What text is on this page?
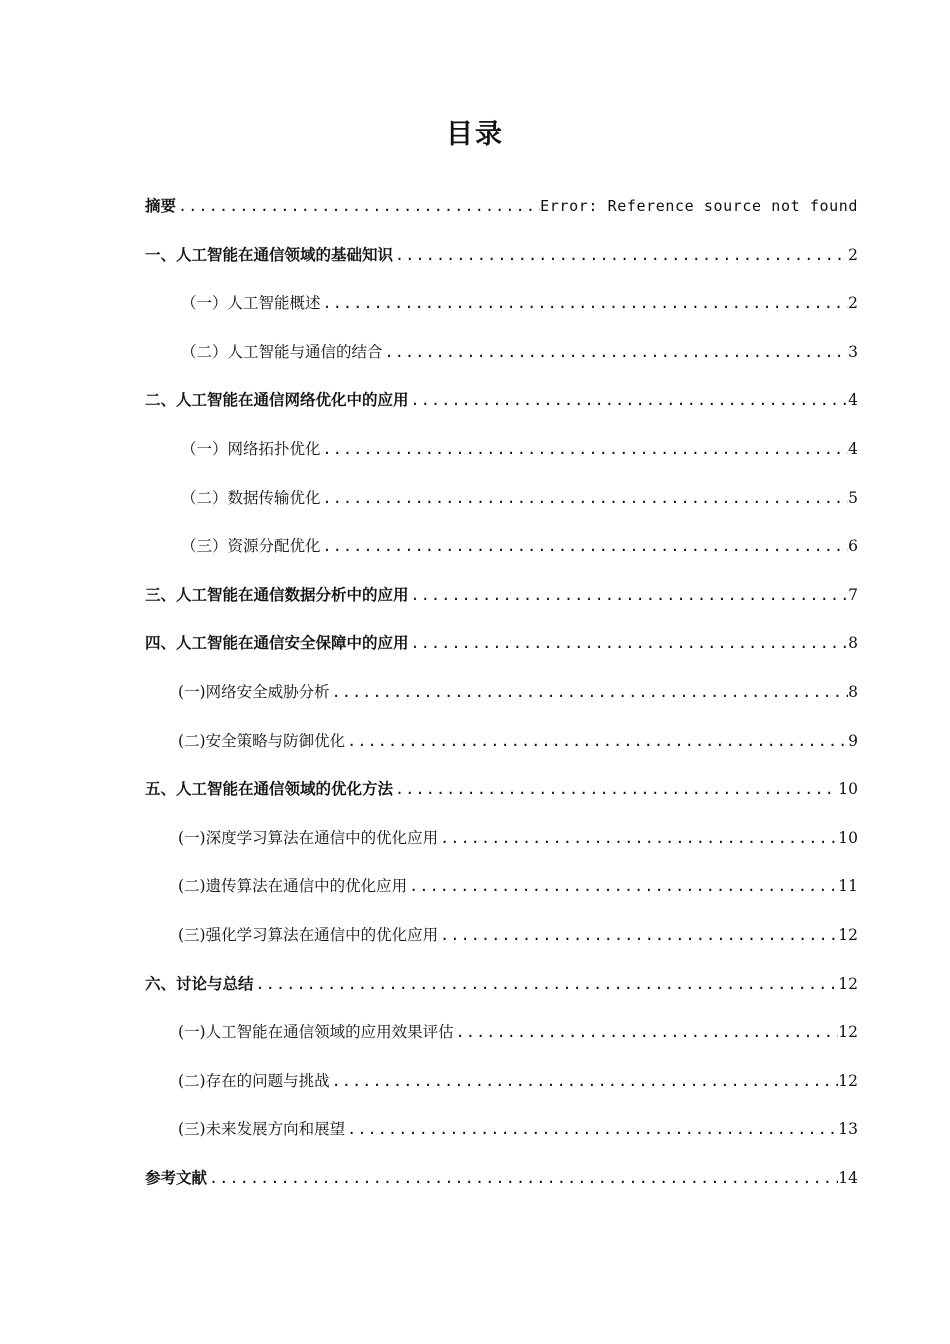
目录
摘要 .....	Error: Reference source not found
一、人工智能在通信领域的基础知识 .....	2
（一）人工智能概述 .....	2
（二）人工智能与通信的结合 .....	3
二、人工智能在通信网络优化中的应用 .....	4
（一）网络拓扑优化 .....	4
（二）数据传输优化 .....	5
（三）资源分配优化 .....	6
三、人工智能在通信数据分析中的应用 .....	7
四、人工智能在通信安全保障中的应用 .....	8
(一)网络安全威胁分析 .....	8
(二)安全策略与防御优化 .....	9
五、人工智能在通信领域的优化方法 .....	10
(一)深度学习算法在通信中的优化应用 .....	10
(二)遗传算法在通信中的优化应用 .....	11
(三)强化学习算法在通信中的优化应用 .....	12
六、讨论与总结 .....	12
(一)人工智能在通信领域的应用效果评估 .....	12
(二)存在的问题与挑战 .....	12
(三)未来发展方向和展望 .....	13
参考文献 .....	14
